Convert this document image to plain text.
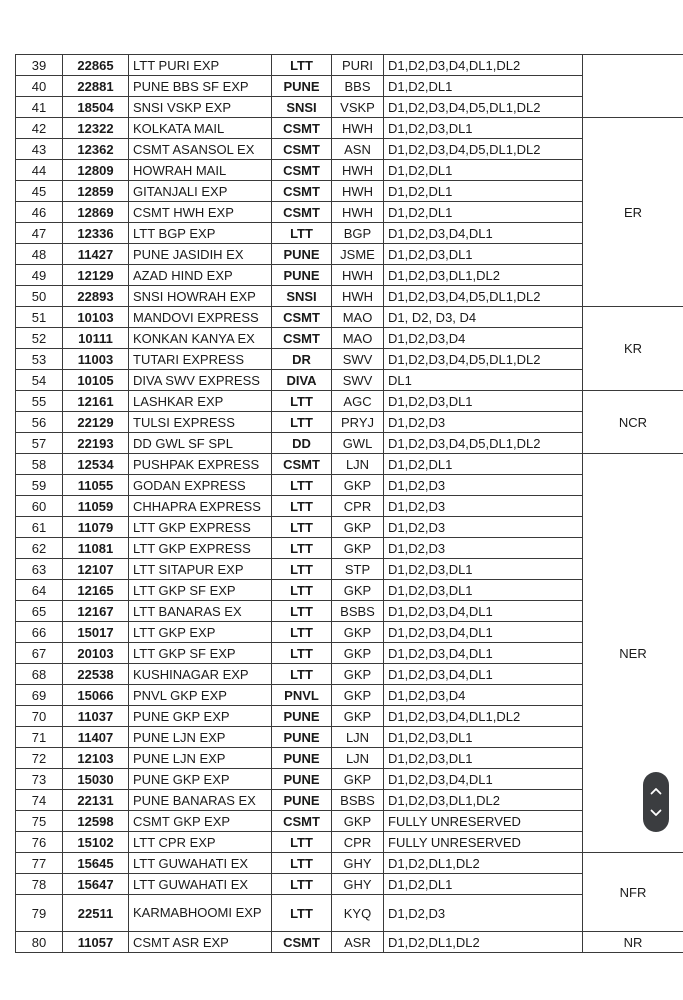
39	22865	LTT PURI EXP	LTT	PURI	D1,D2,D3,D4,DL1,DL2	
40	22881	PUNE BBS SF EXP	PUNE	BBS	D1,D2,DL1	
41	18504	SNSI VSKP EXP	SNSI	VSKP	D1,D2,D3,D4,D5,DL1,DL2	
42	12322	KOLKATA MAIL	CSMT	HWH	D1,D2,D3,DL1	ER
43	12362	CSMT ASANSOL EX	CSMT	ASN	D1,D2,D3,D4,D5,DL1,DL2	
44	12809	HOWRAH MAIL	CSMT	HWH	D1,D2,DL1	
45	12859	GITANJALI EXP	CSMT	HWH	D1,D2,DL1	
46	12869	CSMT HWH EXP	CSMT	HWH	D1,D2,DL1	
47	12336	LTT BGP EXP	LTT	BGP	D1,D2,D3,D4,DL1	
48	11427	PUNE JASIDIH EX	PUNE	JSME	D1,D2,D3,DL1	
49	12129	AZAD HIND EXP	PUNE	HWH	D1,D2,D3,DL1,DL2	
50	22893	SNSI HOWRAH EXP	SNSI	HWH	D1,D2,D3,D4,D5,DL1,DL2	
51	10103	MANDOVI EXPRESS	CSMT	MAO	D1, D2, D3, D4	KR
52	10111	KONKAN KANYA EX	CSMT	MAO	D1,D2,D3,D4	
53	11003	TUTARI EXPRESS	DR	SWV	D1,D2,D3,D4,D5,DL1,DL2	
54	10105	DIVA SWV EXPRESS	DIVA	SWV	DL1	
55	12161	LASHKAR EXP	LTT	AGC	D1,D2,D3,DL1	NCR
56	22129	TULSI EXPRESS	LTT	PRYJ	D1,D2,D3	
57	22193	DD GWL SF SPL	DD	GWL	D1,D2,D3,D4,D5,DL1,DL2	
58	12534	PUSHPAK EXPRESS	CSMT	LJN	D1,D2,DL1	NER
59	11055	GODAN EXPRESS	LTT	GKP	D1,D2,D3	
60	11059	CHHAPRA EXPRESS	LTT	CPR	D1,D2,D3	
61	11079	LTT GKP EXPRESS	LTT	GKP	D1,D2,D3	
62	11081	LTT GKP EXPRESS	LTT	GKP	D1,D2,D3	
63	12107	LTT SITAPUR EXP	LTT	STP	D1,D2,D3,DL1	
64	12165	LTT GKP SF EXP	LTT	GKP	D1,D2,D3,DL1	
65	12167	LTT BANARAS EX	LTT	BSBS	D1,D2,D3,D4,DL1	
66	15017	LTT GKP EXP	LTT	GKP	D1,D2,D3,D4,DL1	
67	20103	LTT GKP SF EXP	LTT	GKP	D1,D2,D3,D4,DL1	
68	22538	KUSHINAGAR EXP	LTT	GKP	D1,D2,D3,D4,DL1	
69	15066	PNVL GKP EXP	PNVL	GKP	D1,D2,D3,D4	
70	11037	PUNE GKP EXP	PUNE	GKP	D1,D2,D3,D4,DL1,DL2	
71	11407	PUNE LJN EXP	PUNE	LJN	D1,D2,D3,DL1	
72	12103	PUNE LJN EXP	PUNE	LJN	D1,D2,D3,DL1	
73	15030	PUNE GKP EXP	PUNE	GKP	D1,D2,D3,D4,DL1	
74	22131	PUNE BANARAS EX	PUNE	BSBS	D1,D2,D3,DL1,DL2	
75	12598	CSMT GKP EXP	CSMT	GKP	FULLY UNRESERVED	
76	15102	LTT CPR EXP	LTT	CPR	FULLY UNRESERVED	
77	15645	LTT GUWAHATI EX	LTT	GHY	D1,D2,DL1,DL2	NFR
78	15647	LTT GUWAHATI EX	LTT	GHY	D1,D2,DL1	
79	22511	KARMABHOOMI EXP	LTT	KYQ	D1,D2,D3	
80	11057	CSMT ASR EXP	CSMT	ASR	D1,D2,DL1,DL2	NR
